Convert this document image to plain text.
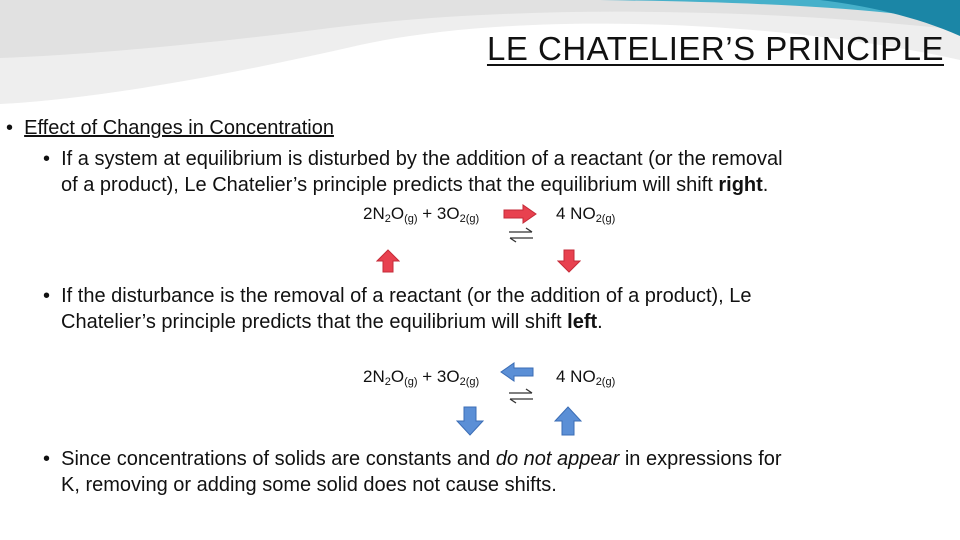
LE CHATELIER’S PRINCIPLE
•  Effect of Changes in Concentration
•  If a system at equilibrium is disturbed by the addition of a reactant (or the removal
of a product), Le Chatelier’s principle predicts that the equilibrium will shift right.
$2N_2O_{(g)} + 3O_{2(g)}$	4 $NO_{2(g)}$
•  If the disturbance is the removal of a reactant (or the addition of a product), Le
Chatelier’s principle predicts that the equilibrium will shift left.
$2N_2O_{(g)} + 3O_{2(g)}$	4 $NO_{2(g)}$
•  Since concentrations of solids are constants and do not appear in expressions for
K, removing or adding some solid does not cause shifts.
